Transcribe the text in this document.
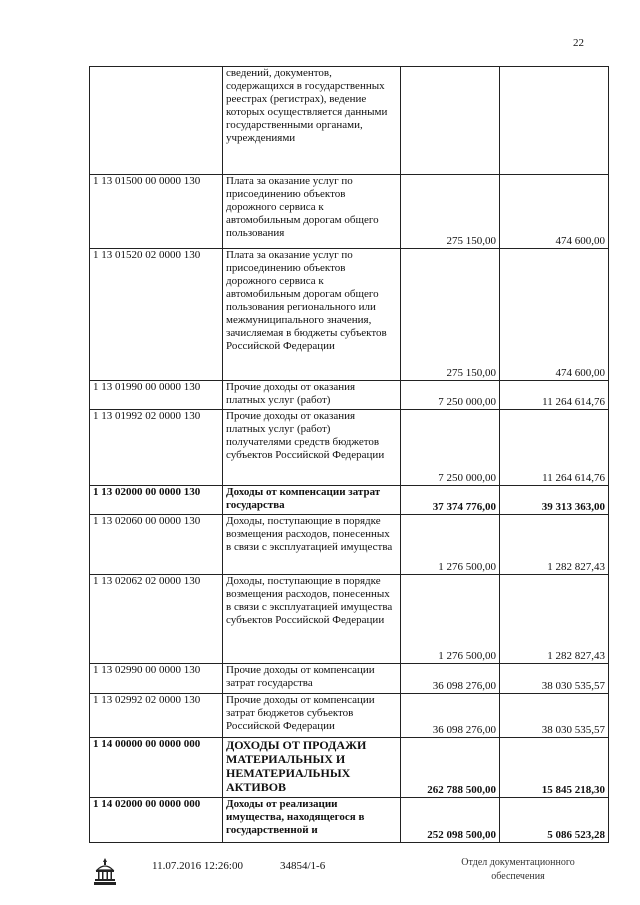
22
	сведений, документов, содержащихся в государственных реестрах (регистрах), ведение которых осуществляется данными государственными органами, учреждениями		
1 13 01500 00 0000 130	Плата за оказание услуг по присоединению объектов дорожного сервиса к автомобильным дорогам общего пользования	275 150,00	474 600,00
1 13 01520 02 0000 130	Плата за оказание услуг по присоединению объектов дорожного сервиса к автомобильным дорогам общего пользования регионального или межмуниципального значения, зачисляемая в бюджеты субъектов Российской Федерации	275 150,00	474 600,00
1 13 01990 00 0000 130	Прочие доходы от оказания платных услуг (работ)	7 250 000,00	11 264 614,76
1 13 01992 02 0000 130	Прочие доходы от оказания платных услуг (работ) получателями средств бюджетов субъектов Российской Федерации	7 250 000,00	11 264 614,76
1 13 02000 00 0000 130	Доходы от компенсации затрат государства	37 374 776,00	39 313 363,00
1 13 02060 00 0000 130	Доходы, поступающие в порядке возмещения расходов, понесенных в связи с эксплуатацией имущества	1 276 500,00	1 282 827,43
1 13 02062 02 0000 130	Доходы, поступающие в порядке возмещения расходов, понесенных в связи с эксплуатацией имущества субъектов Российской Федерации	1 276 500,00	1 282 827,43
1 13 02990 00 0000 130	Прочие доходы от компенсации затрат государства	36 098 276,00	38 030 535,57
1 13 02992 02 0000 130	Прочие доходы от компенсации затрат бюджетов субъектов Российской Федерации	36 098 276,00	38 030 535,57
1 14 00000 00 0000 000	ДОХОДЫ ОТ ПРОДАЖИ МАТЕРИАЛЬНЫХ И НЕМАТЕРИАЛЬНЫХ АКТИВОВ	262 788 500,00	15 845 218,30
1 14 02000 00 0000 000	Доходы от реализации имущества, находящегося в государственной и	252 098 500,00	5 086 523,28
11.07.2016 12:26:00	34854/1-6	Отдел документационного
обеспечения
